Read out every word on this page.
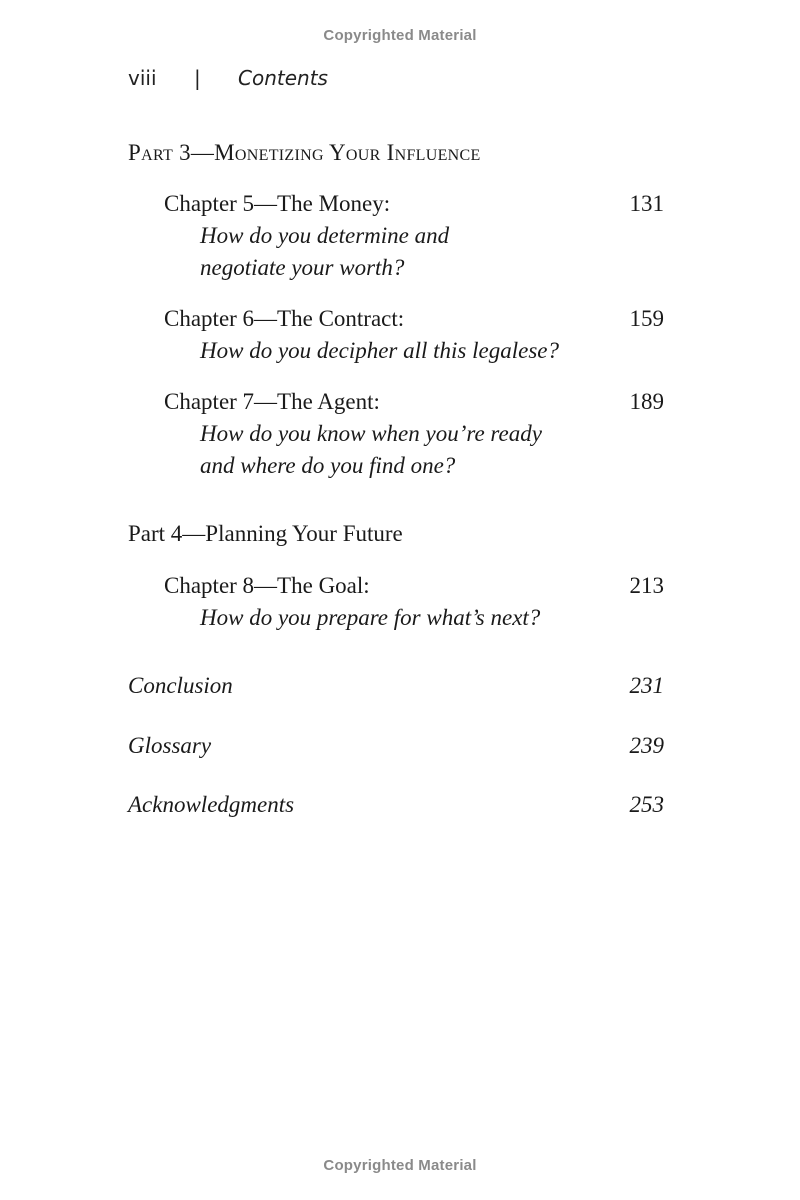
Copyrighted Material
viii | Contents
Part 3—Monetizing Your Influence
Chapter 5—The Money:	131
How do you determine and
negotiate your worth?
Chapter 6—The Contract:	159
How do you decipher all this legalese?
Chapter 7—The Agent:	189
How do you know when you’re ready
and where do you find one?
Part 4—Planning Your Future
Chapter 8—The Goal:	213
How do you prepare for what’s next?
Conclusion	231
Glossary	239
Acknowledgments	253
Copyrighted Material
